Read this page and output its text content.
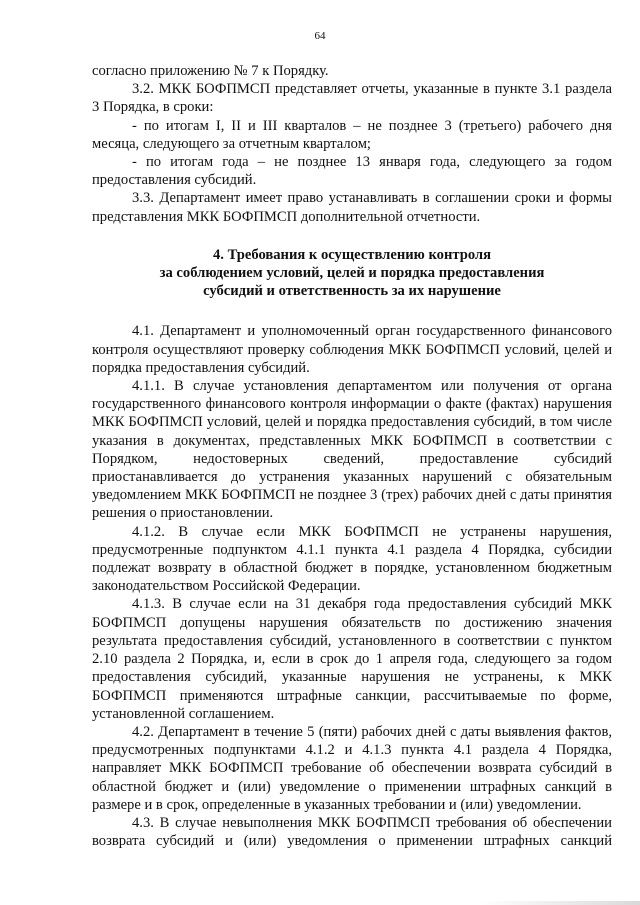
64

согласно приложению № 7 к Порядку.

3.2. МКК БОФПМСП представляет отчеты, указанные в пункте 3.1 раздела 3 Порядка, в сроки:

- по итогам I, II и III кварталов – не позднее 3 (третьего) рабочего дня месяца, следующего за отчетным кварталом;

- по итогам года – не позднее 13 января года, следующего за годом предоставления субсидий.

3.3. Департамент имеет право устанавливать в соглашении сроки и формы представления МКК БОФПМСП дополнительной отчетности.

4. Требования к осуществлению контроля
за соблюдением условий, целей и порядка предоставления
субсидий и ответственность за их нарушение

4.1. Департамент и уполномоченный орган государственного финансового контроля осуществляют проверку соблюдения МКК БОФПМСП условий, целей и порядка предоставления субсидий.

4.1.1. В случае установления департаментом или получения от органа государственного финансового контроля информации о факте (фактах) нарушения МКК БОФПМСП условий, целей и порядка предоставления субсидий, в том числе указания в документах, представленных МКК БОФПМСП в соответствии с Порядком, недостоверных сведений, предоставление субсидий приостанавливается до устранения указанных нарушений с обязательным уведомлением МКК БОФПМСП не позднее 3 (трех) рабочих дней с даты принятия решения о приостановлении.

4.1.2. В случае если МКК БОФПМСП не устранены нарушения, предусмотренные подпунктом 4.1.1 пункта 4.1 раздела 4 Порядка, субсидии подлежат возврату в областной бюджет в порядке, установленном бюджетным законодательством Российской Федерации.

4.1.3. В случае если на 31 декабря года предоставления субсидий МКК БОФПМСП допущены нарушения обязательств по достижению значения результата предоставления субсидий, установленного в соответствии с пунктом 2.10 раздела 2 Порядка, и, если в срок до 1 апреля года, следующего за годом предоставления субсидий, указанные нарушения не устранены, к МКК БОФПМСП применяются штрафные санкции, рассчитываемые по форме, установленной соглашением.

4.2. Департамент в течение 5 (пяти) рабочих дней с даты выявления фактов, предусмотренных подпунктами 4.1.2 и 4.1.3 пункта 4.1 раздела 4 Порядка, направляет МКК БОФПМСП требование об обеспечении возврата субсидий в областной бюджет и (или) уведомление о применении штрафных санкций в размере и в срок, определенные в указанных требовании и (или) уведомлении.

4.3. В случае невыполнения МКК БОФПМСП требования об обеспечении возврата субсидий и (или) уведомления о применении штрафных санкций
